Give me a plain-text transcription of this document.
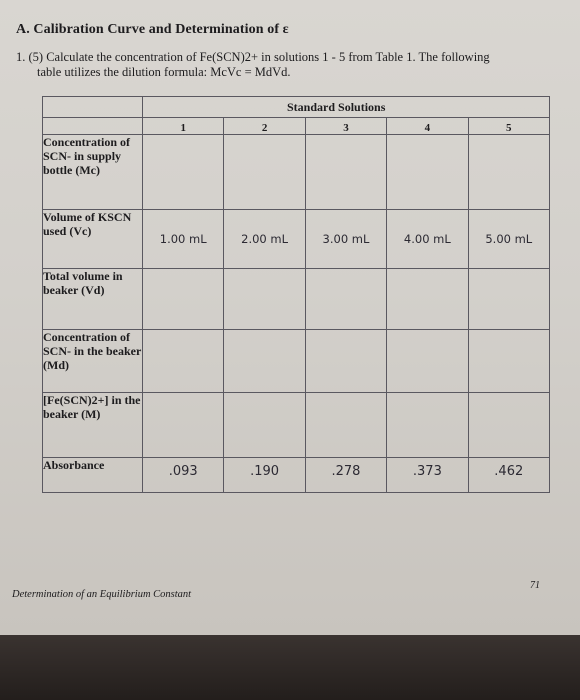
A. Calibration Curve and Determination of ε
1. (5) Calculate the concentration of Fe(SCN)2+ in solutions 1 - 5 from Table 1. The following
table utilizes the dilution formula: McVc = MdVd.

	1	2	3	4	5
Concentration of SCN- in supply bottle (Mc)					
Volume of KSCN used (Vc)	1.00 mL	2.00 mL	3.00 mL	4.00 mL	5.00 mL
Total volume in beaker (Vd)					
Concentration of SCN- in the beaker (Md)					
[Fe(SCN)2+] in the beaker (M)					
Absorbance	.093	.190	.278	.373	.462
Standard Solutions
Determination of an Equilibrium Constant
71
